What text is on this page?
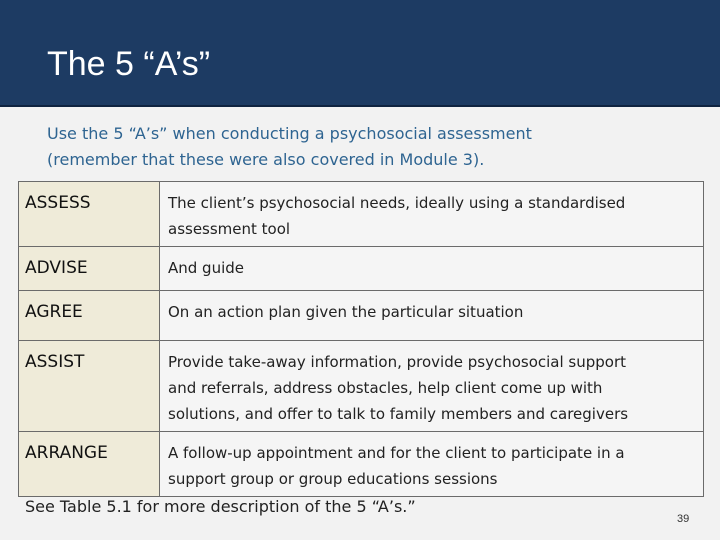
The 5 “A’s”
Use the 5 “A’s” when conducting a psychosocial assessment
(remember that these were also covered in Module 3).
ASSESS	The client’s psychosocial needs, ideally using a standardised
assessment tool

ADVISE	And guide

AGREE	On an action plan given the particular situation

ASSIST	Provide take-away information, provide psychosocial support
and referrals, address obstacles, help client come up with
solutions, and offer to talk to family members and caregivers

ARRANGE	A follow-up appointment and for the client to participate in a
support group or group educations sessions
See Table 5.1 for more description of the 5 “A’s.”
39
